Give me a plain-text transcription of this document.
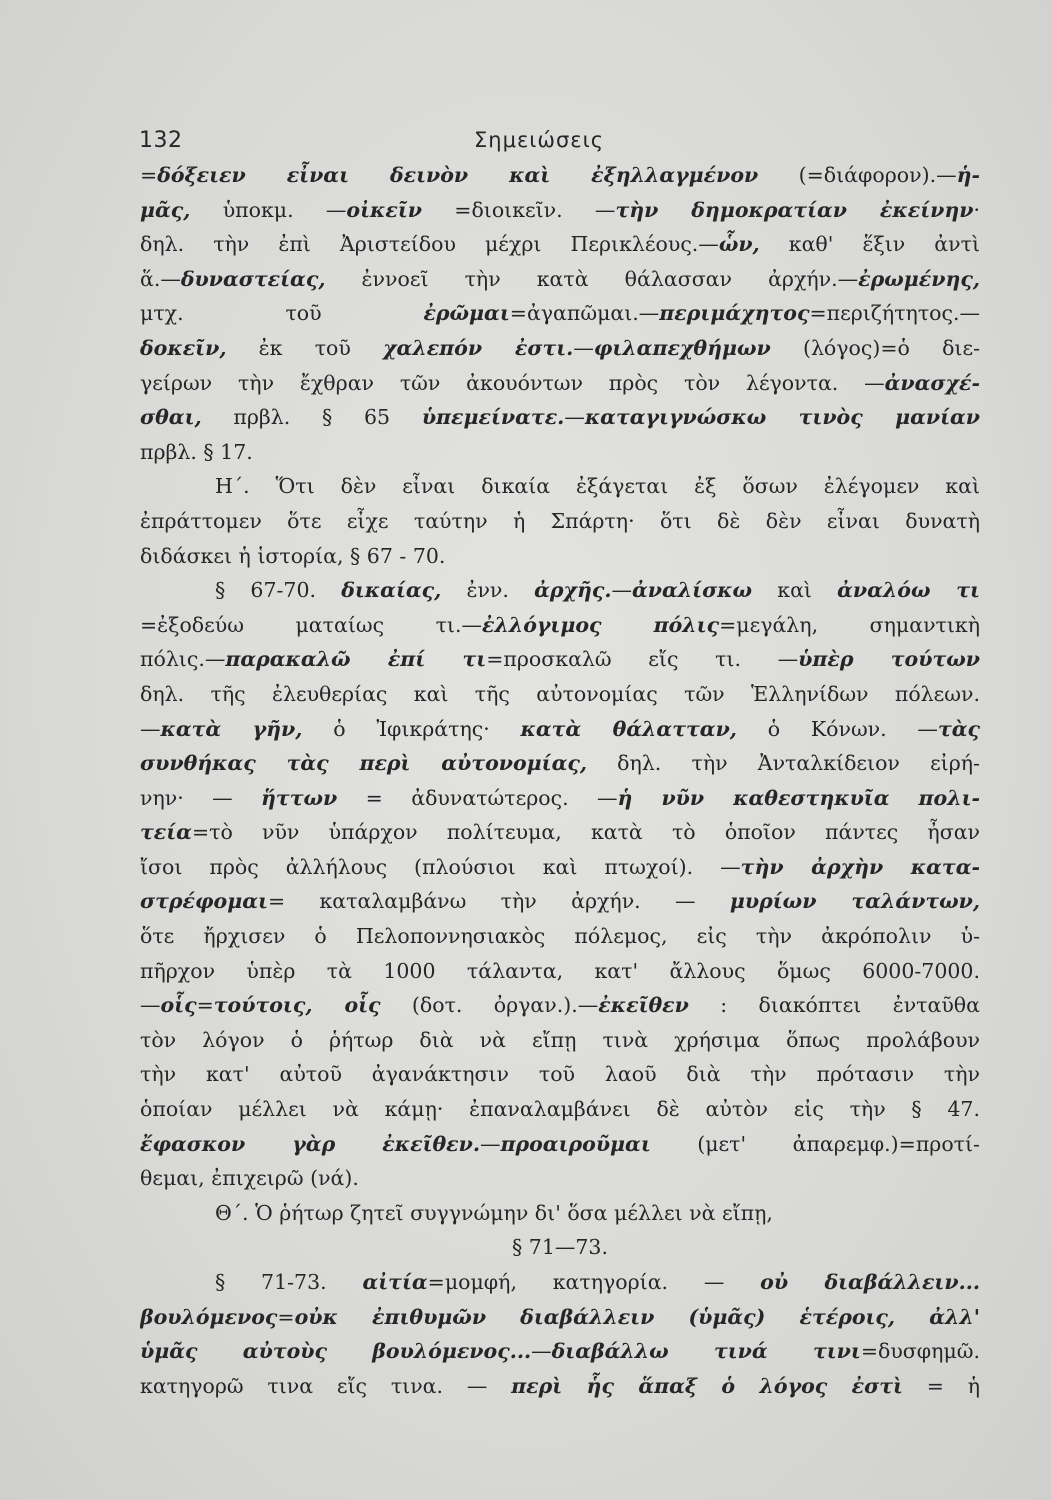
132	Σημειώσεις
=δόξειεν εἶναι δεινὸν καὶ ἐξηλλαγμένον (=διάφορον).—ἡ-
μᾶς, ὑποκμ. —οἰκεῖν =διοικεῖν. —τὴν δημοκρατίαν ἐκείνην·
δηλ. τὴν ἐπὶ Ἀριστείδου μέχρι Περικλέους.—ὧν, καθ' ἕξιν ἀντὶ
ἅ.—δυναστείας, ἐννοεῖ τὴν κατὰ θάλασσαν ἀρχήν.—ἐρωμένης,
μτχ. τοῦ ἐρῶμαι=ἀγαπῶμαι.—περιμάχητος=περιζήτητος.—
δοκεῖν, ἐκ τοῦ χαλεπόν ἐστι.—φιλαπεχθήμων (λόγος)=ὁ διε-
γείρων τὴν ἔχθραν τῶν ἀκουόντων πρὸς τὸν λέγοντα. —ἀνασχέ-
σθαι, πρβλ. § 65 ὑπεμείνατε.—καταγιγνώσκω τινὸς μανίαν
πρβλ. § 17.
Η΄. Ὅτι δὲν εἶναι δικαία ἐξάγεται ἐξ ὅσων ἐλέγομεν καὶ
ἐπράττομεν ὅτε εἶχε ταύτην ἡ Σπάρτη· ὅτι δὲ δὲν εἶναι δυνατὴ
διδάσκει ἡ ἱστορία, § 67 - 70.
§ 67-70. δικαίας, ἐνν. ἀρχῆς.—ἀναλίσκω καὶ ἀναλόω τι
=ἐξοδεύω ματαίως τι.—ἐλλόγιμος πόλις=μεγάλη, σημαντικὴ
πόλις.—παρακαλῶ ἐπί τι=προσκαλῶ εἴς τι. —ὑπὲρ τούτων
δηλ. τῆς ἐλευθερίας καὶ τῆς αὐτονομίας τῶν Ἑλληνίδων πόλεων.
—κατὰ γῆν, ὁ Ἰφικράτης· κατὰ θάλατταν, ὁ Κόνων. —τὰς
συνθήκας τὰς περὶ αὐτονομίας, δηλ. τὴν Ἀνταλκίδειον εἰρή-
νην· — ἥττων = ἀδυνατώτερος. —ἡ νῦν καθεστηκυῖα πολι-
τεία=τὸ νῦν ὑπάρχον πολίτευμα, κατὰ τὸ ὁποῖον πάντες ἦσαν
ἴσοι πρὸς ἀλλήλους (πλούσιοι καὶ πτωχοί). —τὴν ἀρχὴν κατα-
στρέφομαι= καταλαμβάνω τὴν ἀρχήν. — μυρίων ταλάντων,
ὅτε ἤρχισεν ὁ Πελοποννησιακὸς πόλεμος, εἰς τὴν ἀκρόπολιν ὑ-
πῆρχον ὑπὲρ τὰ 1000 τάλαντα, κατ' ἄλλους ὅμως 6000-7000.
—οἷς=τούτοις, οἷς (δοτ. ὀργαν.).—ἐκεῖθεν : διακόπτει ἐνταῦθα
τὸν λόγον ὁ ῥήτωρ διὰ νὰ εἴπῃ τινὰ χρήσιμα ὅπως προλάβουν
τὴν κατ' αὐτοῦ ἀγανάκτησιν τοῦ λαοῦ διὰ τὴν πρότασιν τὴν
ὁποίαν μέλλει νὰ κάμῃ· ἐπαναλαμβάνει δὲ αὐτὸν εἰς τὴν § 47.
ἔφασκον γὰρ ἐκεῖθεν.—προαιροῦμαι (μετ' ἀπαρεμφ.)=προτί-
θεμαι, ἐπιχειρῶ (νά).
Θ΄. Ὁ ῥήτωρ ζητεῖ συγγνώμην δι' ὅσα μέλλει νὰ εἴπῃ,
§ 71—73.
§ 71-73. αἰτία=μομφή, κατηγορία. — οὐ διαβάλλειν...
βουλόμενος=οὐκ ἐπιθυμῶν διαβάλλειν (ὑμᾶς) ἑτέροις, ἀλλ'
ὑμᾶς αὐτοὺς βουλόμενος...—διαβάλλω τινά τινι=δυσφημῶ.
κατηγορῶ τινα εἴς τινα. — περὶ ἧς ἅπαξ ὁ λόγος ἐστὶ = ἡ
